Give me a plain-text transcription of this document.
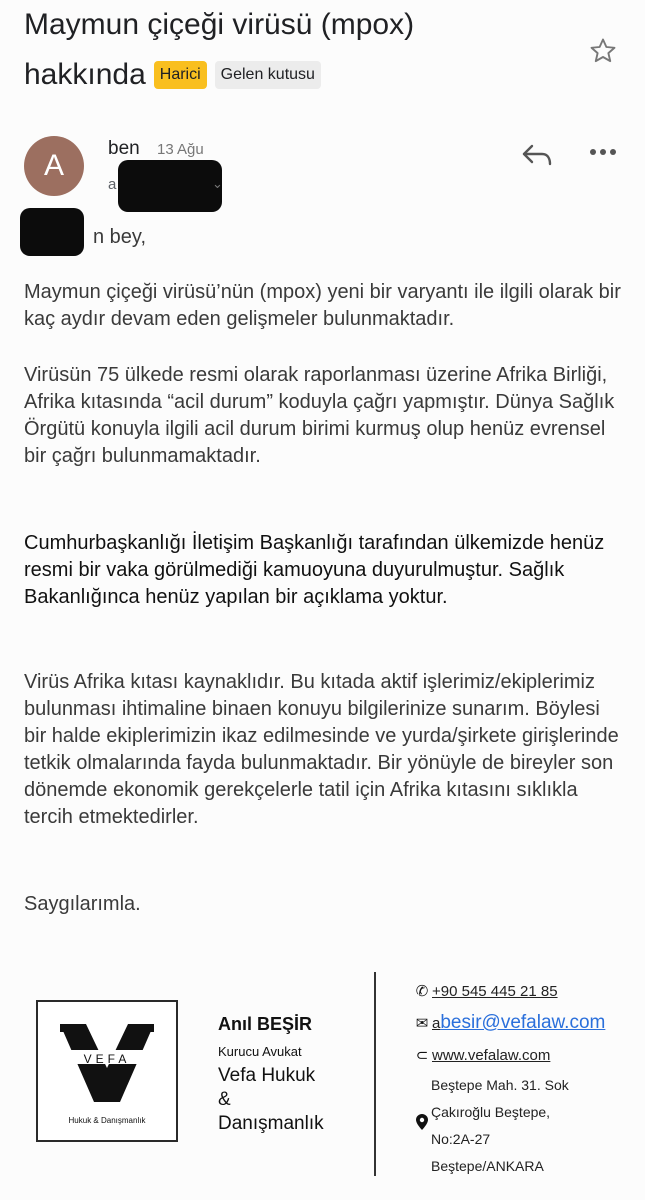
Maymun çiçeği virüsü (mpox)
hakkında Harici	Gelen kutusu
A
ben 13 Ağu
a	⌄
n bey,
Maymun çiçeği virüsü’nün (mpox) yeni bir varyantı ile ilgili olarak bir kaç aydır devam eden gelişmeler bulunmaktadır.
Virüsün 75 ülkede resmi olarak raporlanması üzerine Afrika Birliği, Afrika kıtasında “acil durum” koduyla çağrı yapmıştır. Dünya Sağlık Örgütü konuyla ilgili acil durum birimi kurmuş olup henüz evrensel bir çağrı bulunmamaktadır.
Cumhurbaşkanlığı İletişim Başkanlığı tarafından ülkemizde henüz resmi bir vaka görülmediği kamuoyuna duyurulmuştur. Sağlık Bakanlığınca henüz yapılan bir açıklama yoktur.
Virüs Afrika kıtası kaynaklıdır. Bu kıtada aktif işlerimiz/ekiplerimiz bulunması ihtimaline binaen konuyu bilgilerinize sunarım. Böylesi bir halde ekiplerimizin ikaz edilmesinde ve yurda/şirkete girişlerinde tetkik olmalarında fayda bulunmaktadır. Bir yönüyle de bireyler son dönemde ekonomik gerekçelerle tatil için Afrika kıtasını sıklıkla tercih etmektedirler.
Saygılarımla.
VEFA
Hukuk & Danışmanlık
Anıl BEŞİR
Kurucu Avukat
Vefa Hukuk
&
Danışmanlık
✆ +90 545 445 21 85
✉ abesir@vefalaw.com
⊂ www.vefalaw.com
Beştepe Mah. 31. Sok
Çakıroğlu Beştepe,
No:2A-27
Beştepe/ANKARA
